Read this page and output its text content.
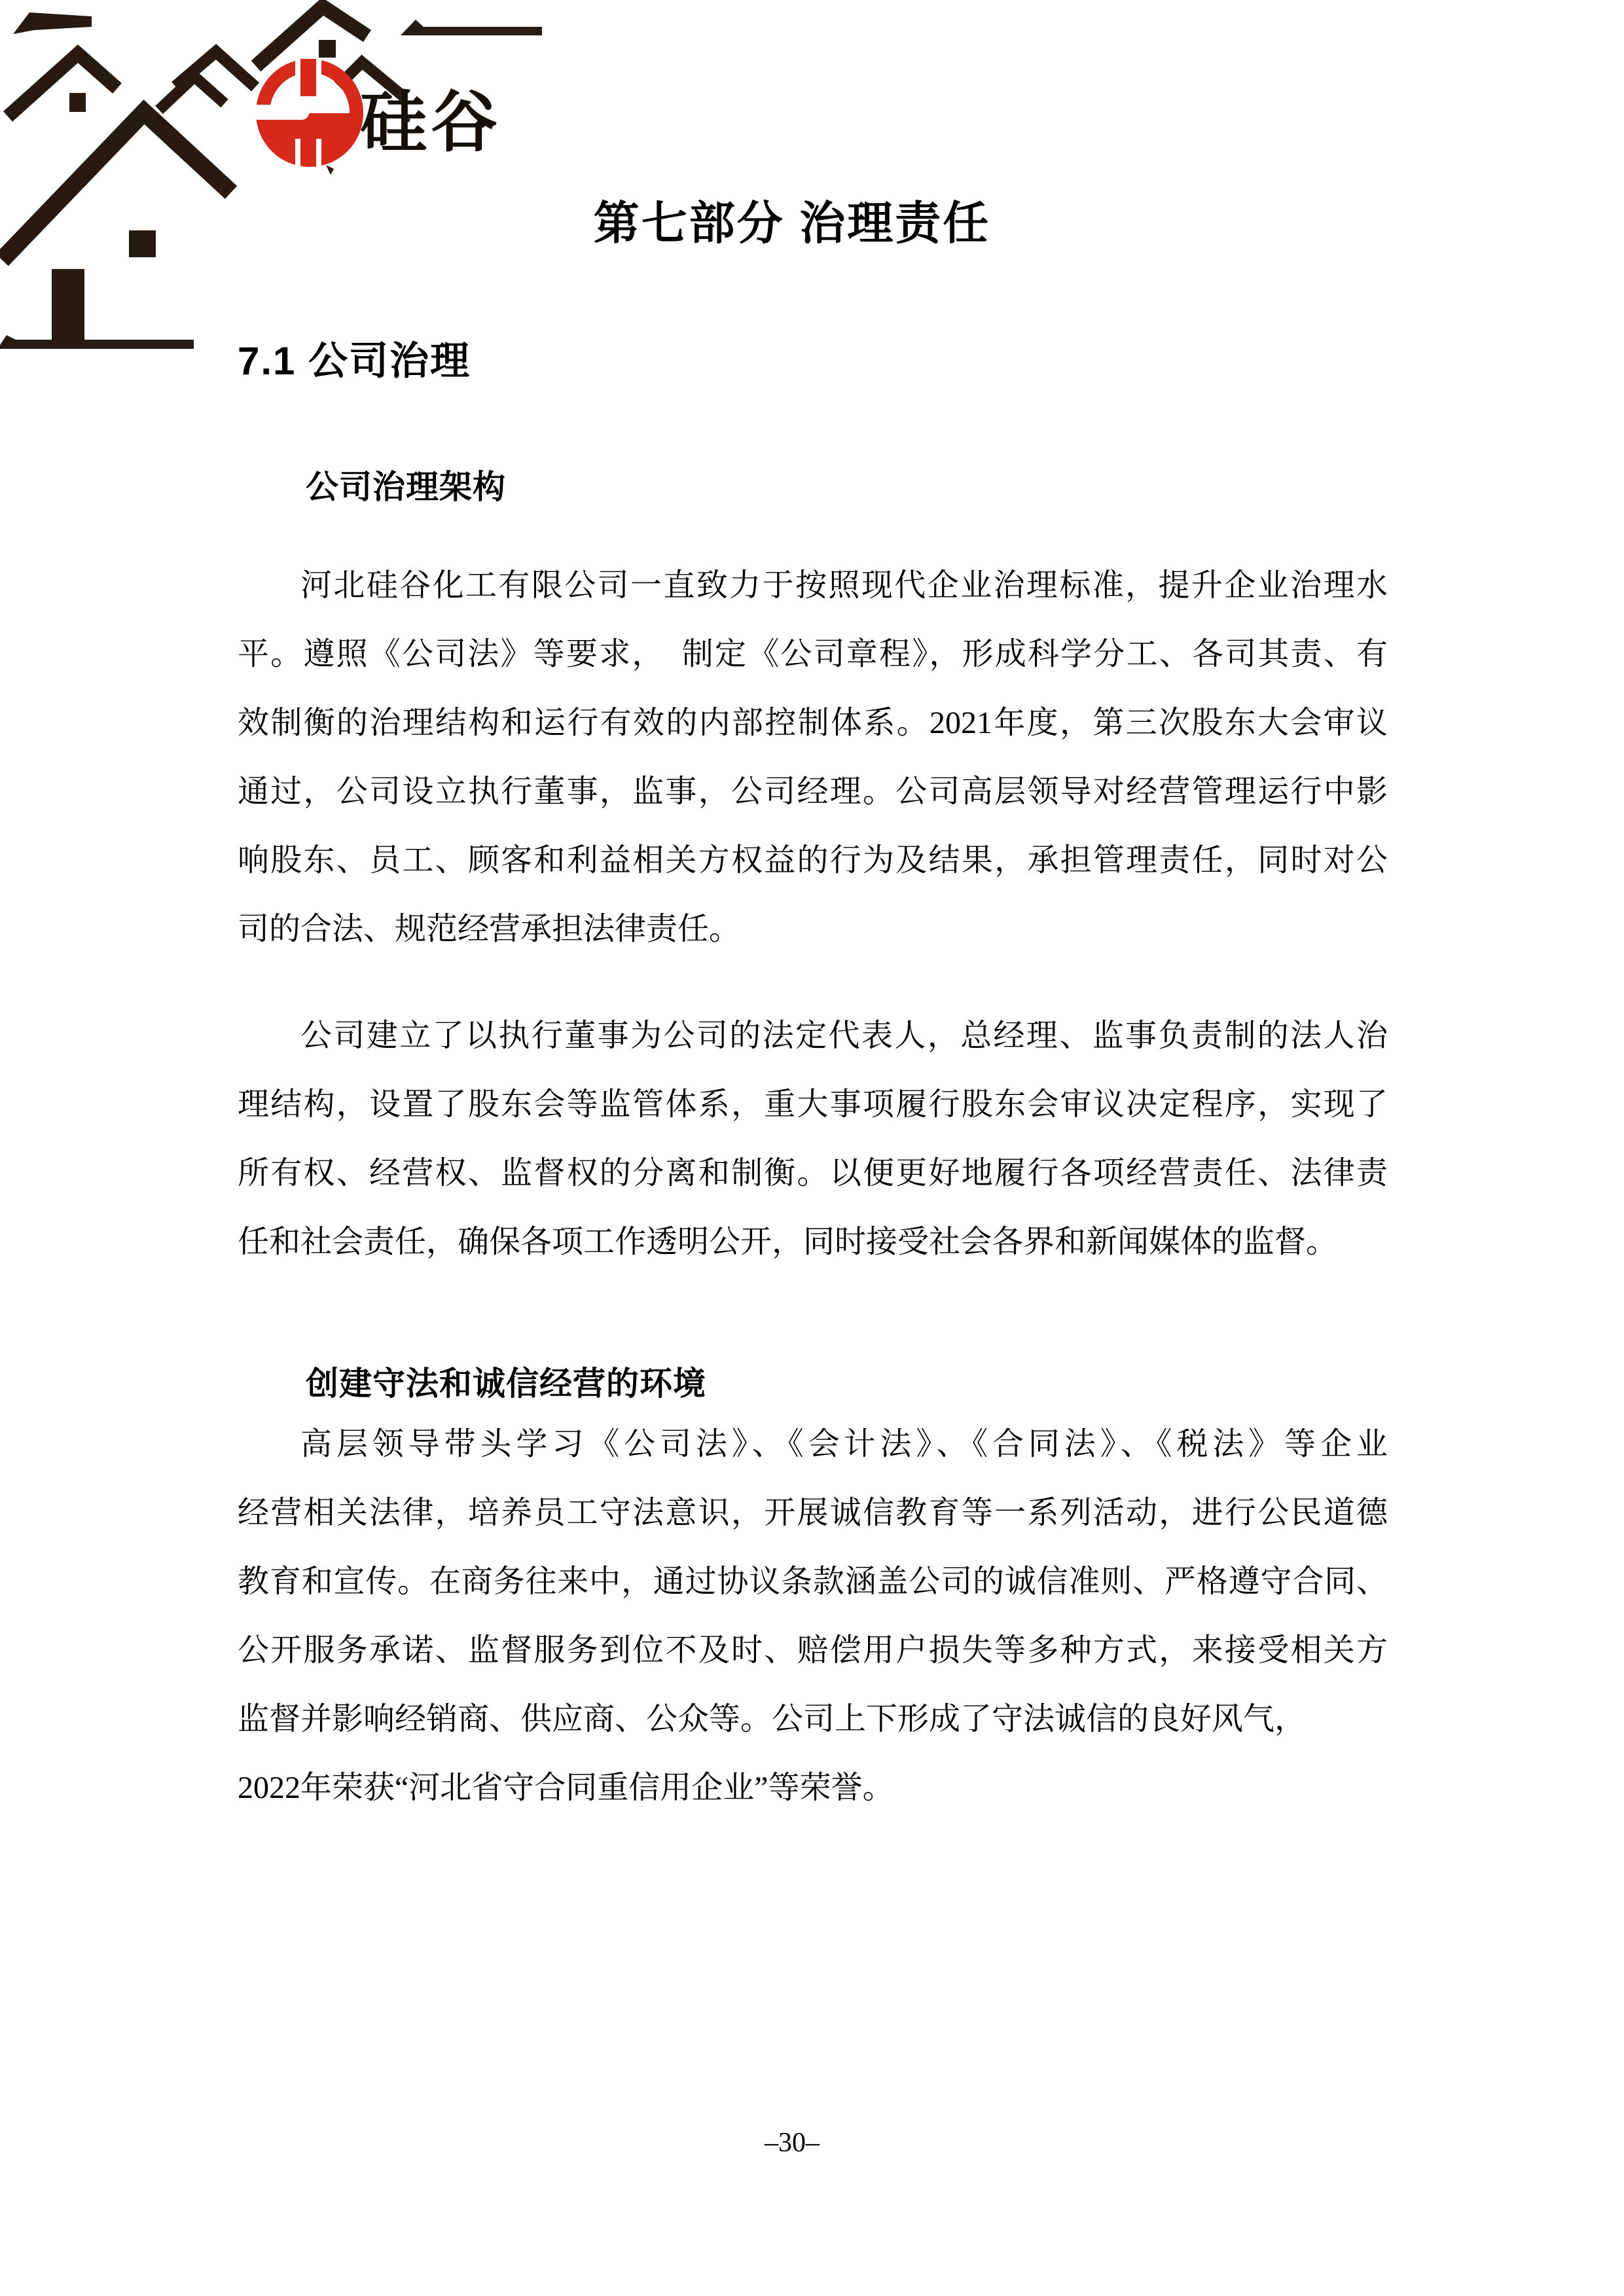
硅谷
第七部分 治理责任
7.1 公司治理
公司治理架构
河北硅谷化工有限公司一直致力于按照现代企业治理标准，提升企业治理水
平。遵照《公司法》等要求，　制定《公司章程》，形成科学分工、各司其责、有
效制衡的治理结构和运行有效的内部控制体系。2021年度，第三次股东大会审议
通过，公司设立执行董事，监事，公司经理。公司高层领导对经营管理运行中影
响股东、员工、顾客和利益相关方权益的行为及结果，承担管理责任，同时对公
司的合法、规范经营承担法律责任。
公司建立了以执行董事为公司的法定代表人，总经理、监事负责制的法人治
理结构，设置了股东会等监管体系，重大事项履行股东会审议决定程序，实现了
所有权、经营权、监督权的分离和制衡。以便更好地履行各项经营责任、法律责
任和社会责任，确保各项工作透明公开，同时接受社会各界和新闻媒体的监督。
创建守法和诚信经营的环境
高层领导带头学习《公司法》、《会计法》、《合同法》、《税法》等企业
经营相关法律，培养员工守法意识，开展诚信教育等一系列活动，进行公民道德
教育和宣传。在商务往来中，通过协议条款涵盖公司的诚信准则、严格遵守合同、
公开服务承诺、监督服务到位不及时、赔偿用户损失等多种方式，来接受相关方
监督并影响经销商、供应商、公众等。公司上下形成了守法诚信的良好风气，
2022年荣获“河北省守合同重信用企业”等荣誉。
–30–
